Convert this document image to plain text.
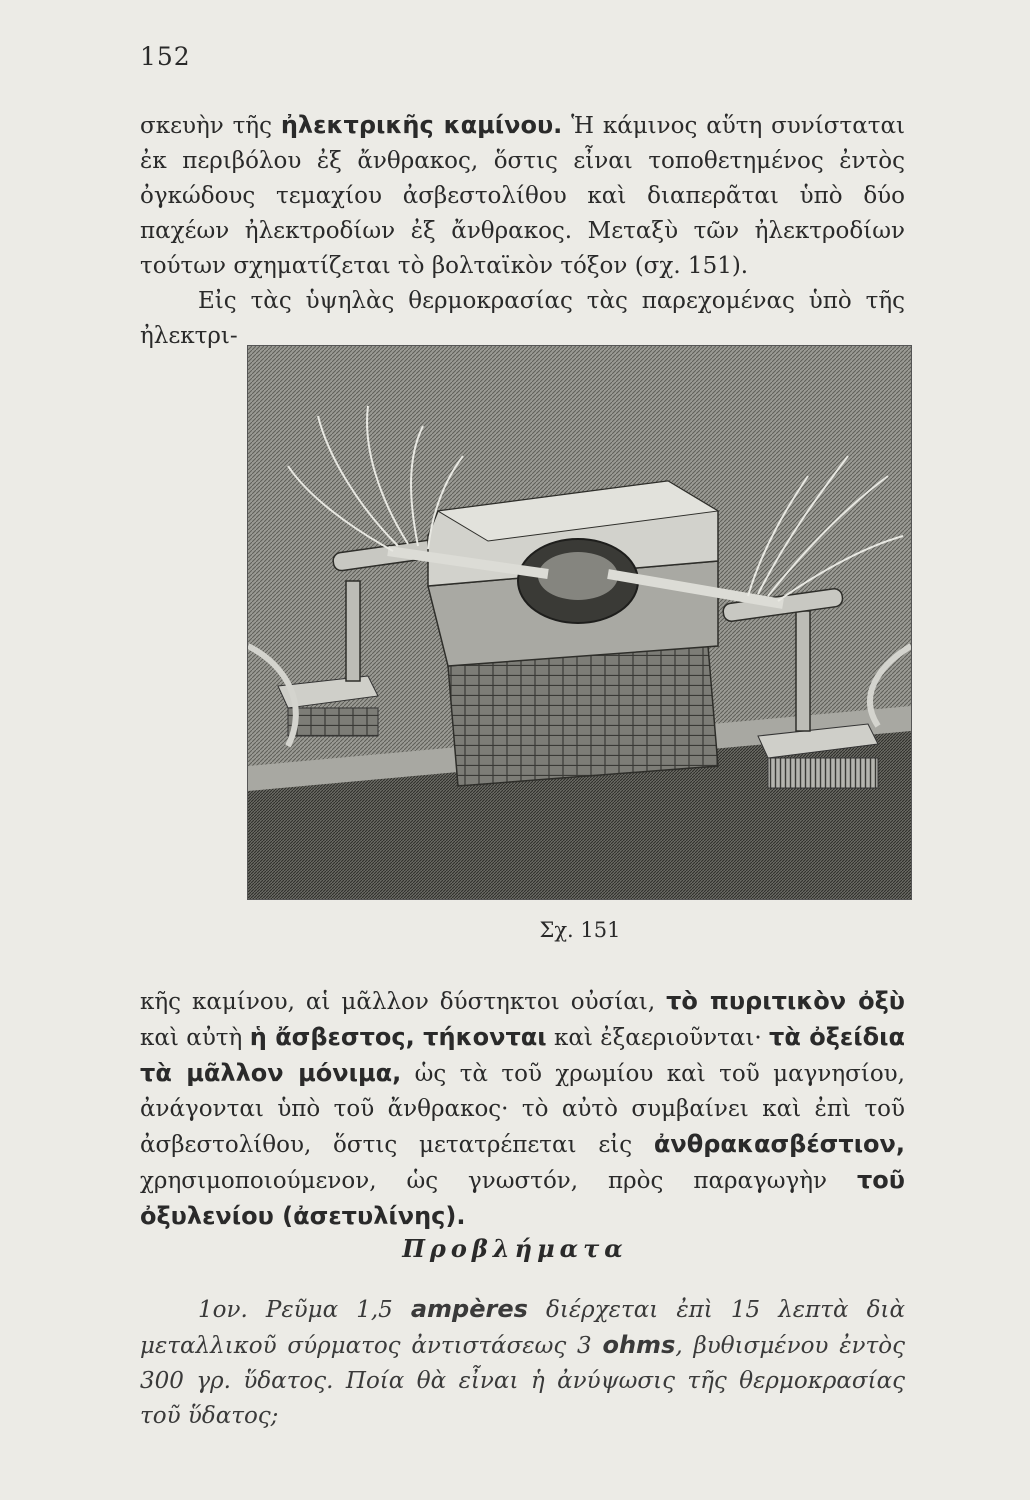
152

σκευὴν τῆς ἠλεκτρικῆς καμίνου. Ἡ κάμινος αὕτη συνίσταται ἐκ περιβόλου ἐξ ἄνθρακος, ὅστις εἶναι τοποθετημένος ἐντὸς ὀγκώδους τεμαχίου ἀσβεστολίθου καὶ διαπερᾶται ὑπὸ δύο παχέων ἠλεκτροδίων ἐξ ἄνθρακος. Μεταξὺ τῶν ἠλεκτροδίων τούτων σχηματίζεται τὸ βολταϊκὸν τόξον (σχ. 151).

Εἰς τὰς ὑψηλὰς θερμοκρασίας τὰς παρεχομένας ὑπὸ τῆς ἠλεκτρι-

Σχ. 151

κῆς καμίνου, αἱ μᾶλλον δύστηκτοι οὐσίαι, τὸ πυριτικὸν ὀξὺ καὶ αὐτὴ ἡ ἄσβεστος, τήκονται καὶ ἐξαεριοῦνται· τὰ ὀξείδια τὰ μᾶλλον μόνιμα, ὡς τὰ τοῦ χρωμίου καὶ τοῦ μαγνησίου, ἀνάγονται ὑπὸ τοῦ ἄνθρακος· τὸ αὐτὸ συμβαίνει καὶ ἐπὶ τοῦ ἀσβεστολίθου, ὅστις μετατρέπεται εἰς ἀνθρακασβέστιον, χρησιμοποιούμενον, ὡς γνωστόν, πρὸς παραγωγὴν τοῦ ὀξυλενίου (ἀσετυλίνης).

Προβλήματα

1ον. Ρεῦμα 1,5 ampères διέρχεται ἐπὶ 15 λεπτὰ διὰ μεταλλικοῦ σύρματος ἀντιστάσεως 3 ohms, βυθισμένου ἐντὸς 300 γρ. ὕδατος. Ποία θὰ εἶναι ἡ ἀνύψωσις τῆς θερμοκρασίας τοῦ ὕδατος;
